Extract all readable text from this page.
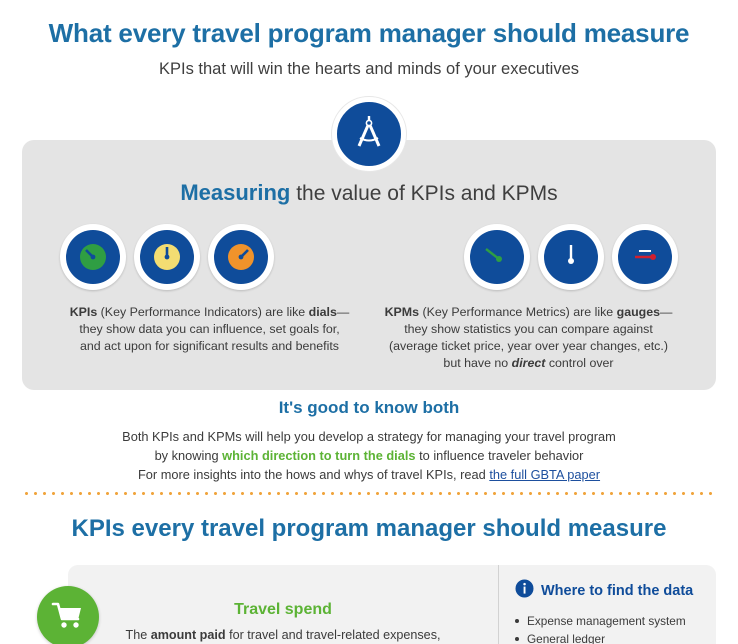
What every travel program manager should measure

KPIs that will win the hearts and minds of your executives

Measuring the value of KPIs and KPMs
KPIs (Key Performance Indicators) are like dials—
they show data you can influence, set goals for,
and act upon for significant results and benefits
KPMs (Key Performance Metrics) are like gauges—
they show statistics you can compare against
(average ticket price, year over year changes, etc.)
but have no direct control over
It's good to know both

Both KPIs and KPMs will help you develop a strategy for managing your travel program
by knowing which direction to turn the dials to influence traveler behavior
For more insights into the hows and whys of travel KPIs, read the full GBTA paper

KPIs every travel program manager should measure

Travel spend

The amount paid for travel and travel-related expenses,

Where to find the data
Expense management system
General ledger
